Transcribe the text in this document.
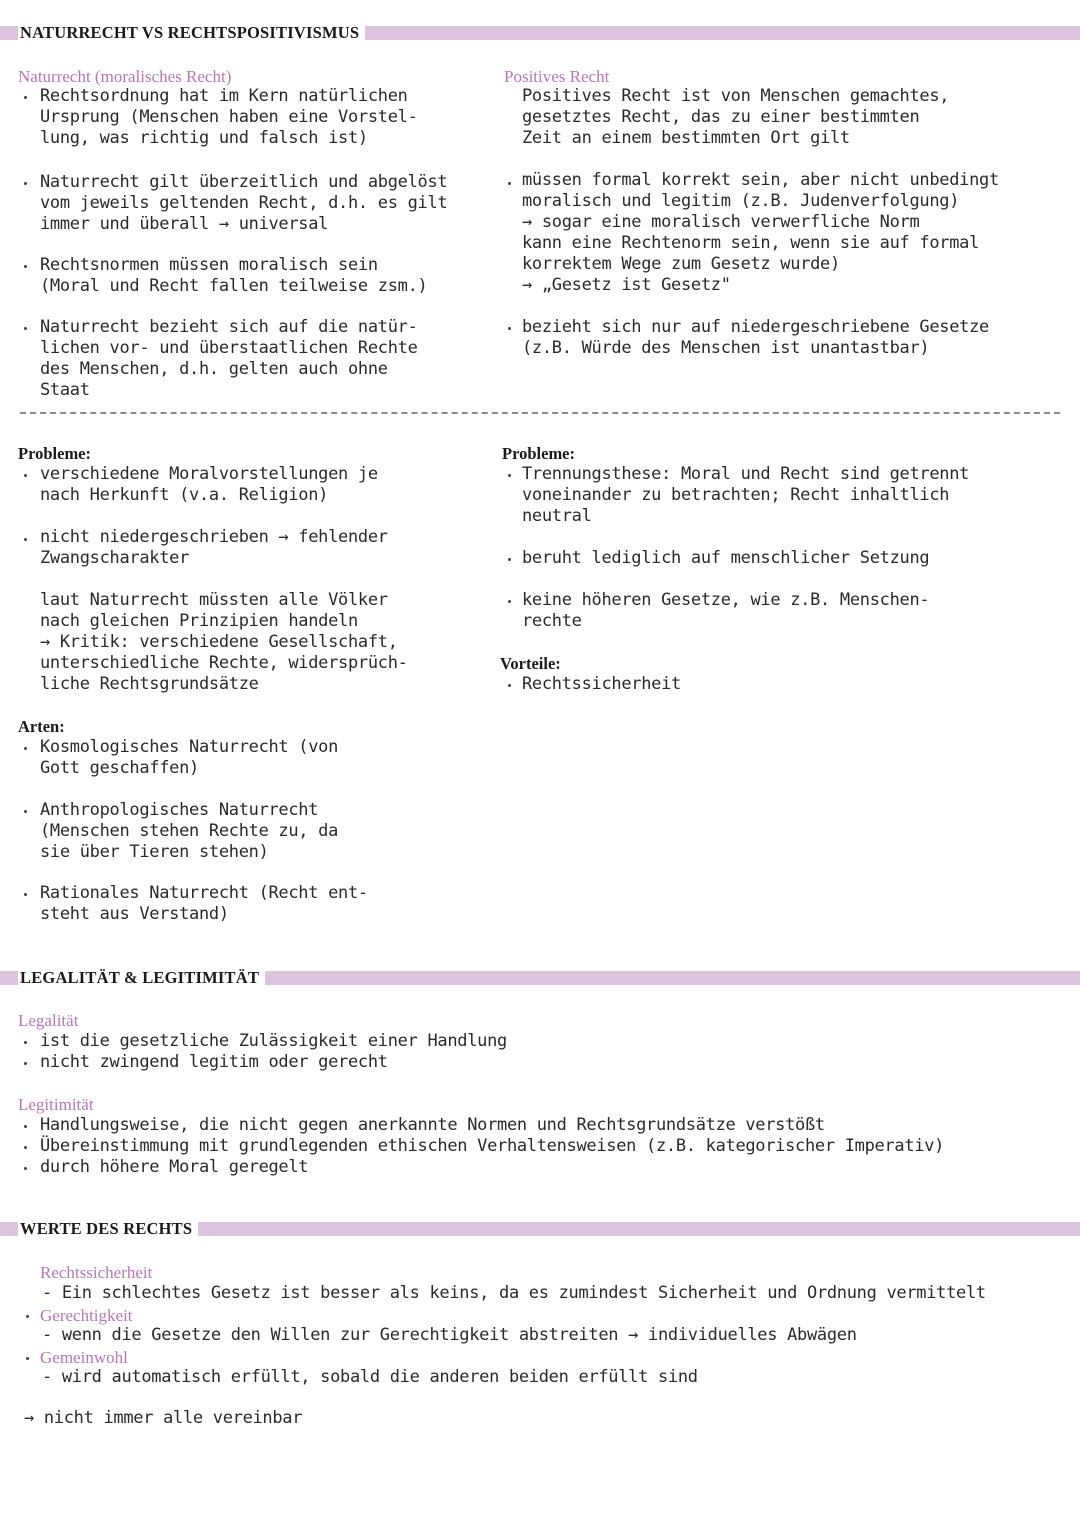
NATURRECHT VS RECHTSPOSITIVISMUS
Naturrecht (moralisches Recht)
Rechtsordnung hat im Kern natürlichen
Ursprung (Menschen haben eine Vorstel-
lung, was richtig und falsch ist)
Naturrecht gilt überzeitlich und abgelöst
vom jeweils geltenden Recht, d.h. es gilt
immer und überall → universal
Rechtsnormen müssen moralisch sein
(Moral und Recht fallen teilweise zsm.)
Naturrecht bezieht sich auf die natür-
lichen vor- und überstaatlichen Rechte
des Menschen, d.h. gelten auch ohne
Staat
Positives Recht
Positives Recht ist von Menschen gemachtes,
gesetztes Recht, das zu einer bestimmten
Zeit an einem bestimmten Ort gilt
müssen formal korrekt sein, aber nicht unbedingt
moralisch und legitim (z.B. Judenverfolgung)
→ sogar eine moralisch verwerfliche Norm
kann eine Rechtenorm sein, wenn sie auf formal
korrektem Wege zum Gesetz wurde)
→ „Gesetz ist Gesetz"
bezieht sich nur auf niedergeschriebene Gesetze
(z.B. Würde des Menschen ist unantastbar)
Probleme:
verschiedene Moralvorstellungen je
nach Herkunft (v.a. Religion)
nicht niedergeschrieben → fehlender
Zwangscharakter
laut Naturrecht müssten alle Völker
nach gleichen Prinzipien handeln
→ Kritik: verschiedene Gesellschaft,
unterschiedliche Rechte, widersprüch-
liche Rechtsgrundsätze
Arten:
Kosmologisches Naturrecht (von
Gott geschaffen)
Anthropologisches Naturrecht
(Menschen stehen Rechte zu, da
sie über Tieren stehen)
Rationales Naturrecht (Recht ent-
steht aus Verstand)
Probleme:
Trennungsthese: Moral und Recht sind getrennt
voneinander zu betrachten; Recht inhaltlich
neutral
beruht lediglich auf menschlicher Setzung
keine höheren Gesetze, wie z.B. Menschen-
rechte
Vorteile:
Rechtssicherheit
LEGALITÄT & LEGITIMITÄT
Legalität
ist die gesetzliche Zulässigkeit einer Handlung
nicht zwingend legitim oder gerecht
Legitimität
Handlungsweise, die nicht gegen anerkannte Normen und Rechtsgrundsätze verstößt
Übereinstimmung mit grundlegenden ethischen Verhaltensweisen (z.B. kategorischer Imperativ)
durch höhere Moral geregelt
WERTE DES RECHTS
Rechtssicherheit
- Ein schlechtes Gesetz ist besser als keins, da es zumindest Sicherheit und Ordnung vermittelt
Gerechtigkeit
- wenn die Gesetze den Willen zur Gerechtigkeit abstreiten → individuelles Abwägen
Gemeinwohl
- wird automatisch erfüllt, sobald die anderen beiden erfüllt sind
→ nicht immer alle vereinbar
